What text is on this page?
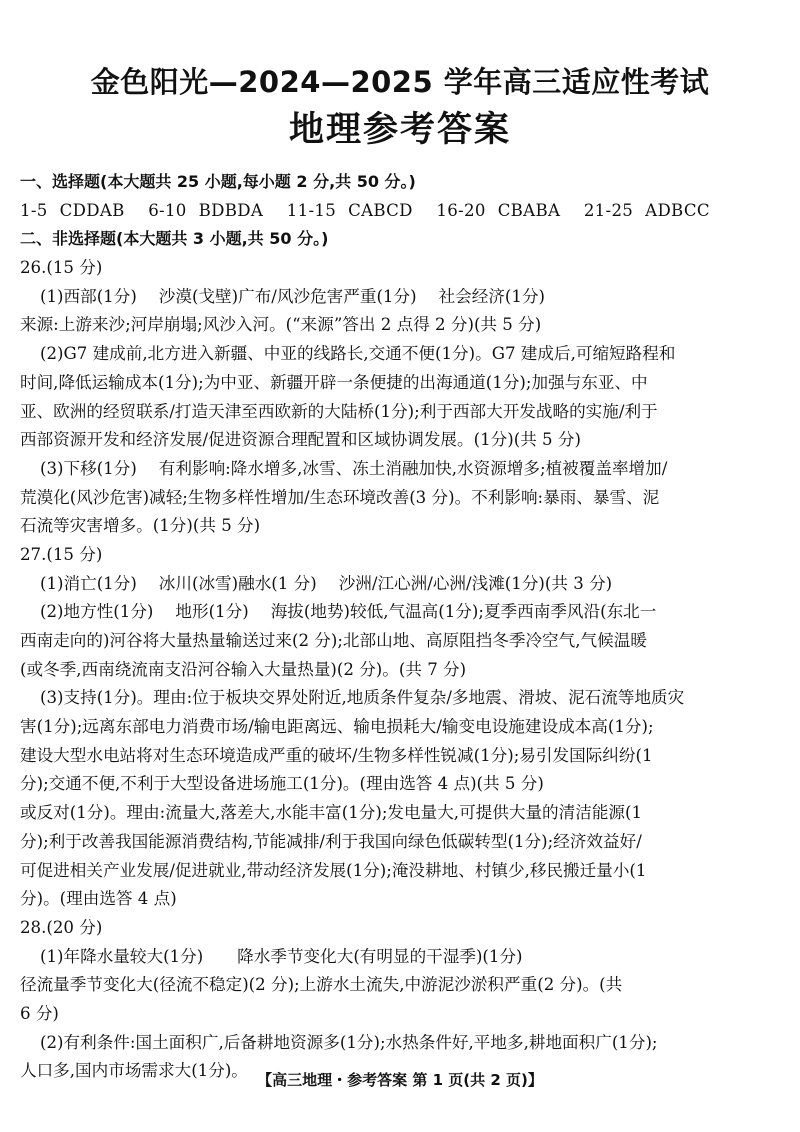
金色阳光—2024—2025 学年高三适应性考试
地理参考答案
一、选择题(本大题共 25 小题,每小题 2 分,共 50 分。)
1-5 CDDAB 6-10 BDBDA 11-15 CABCD 16-20 CBABA 21-25 ADBCC
二、非选择题(本大题共 3 小题,共 50 分。)
26.(15 分)
(1)西部(1分) 沙漠(戈壁)广布/风沙危害严重(1分) 社会经济(1分)
来源:上游来沙;河岸崩塌;风沙入河。(“来源”答出 2 点得 2 分)(共 5 分)
(2)G7 建成前,北方进入新疆、中亚的线路长,交通不便(1分)。G7 建成后,可缩短路程和
时间,降低运输成本(1分);为中亚、新疆开辟一条便捷的出海通道(1分);加强与东亚、中
亚、欧洲的经贸联系/打造天津至西欧新的大陆桥(1分);利于西部大开发战略的实施/利于
西部资源开发和经济发展/促进资源合理配置和区域协调发展。(1分)(共 5 分)
(3)下移(1分) 有利影响:降水增多,冰雪、冻土消融加快,水资源增多;植被覆盖率增加/
荒漠化(风沙危害)减轻;生物多样性增加/生态环境改善(3 分)。不利影响:暴雨、暴雪、泥
石流等灾害增多。(1分)(共 5 分)
27.(15 分)
(1)消亡(1分) 冰川(冰雪)融水(1 分) 沙洲/江心洲/心洲/浅滩(1分)(共 3 分)
(2)地方性(1分) 地形(1分) 海拔(地势)较低,气温高(1分);夏季西南季风沿(东北一
西南走向的)河谷将大量热量输送过来(2 分);北部山地、高原阻挡冬季冷空气,气候温暖
(或冬季,西南绕流南支沿河谷输入大量热量)(2 分)。(共 7 分)
(3)支持(1分)。理由:位于板块交界处附近,地质条件复杂/多地震、滑坡、泥石流等地质灾
害(1分);远离东部电力消费市场/输电距离远、输电损耗大/输变电设施建设成本高(1分);
建设大型水电站将对生态环境造成严重的破坏/生物多样性锐减(1分);易引发国际纠纷(1
分);交通不便,不利于大型设备进场施工(1分)。(理由选答 4 点)(共 5 分)
或反对(1分)。理由:流量大,落差大,水能丰富(1分);发电量大,可提供大量的清洁能源(1
分);利于改善我国能源消费结构,节能减排/利于我国向绿色低碳转型(1分);经济效益好/
可促进相关产业发展/促进就业,带动经济发展(1分);淹没耕地、村镇少,移民搬迁量小(1
分)。(理由选答 4 点)
28.(20 分)
(1)年降水量较大(1分) 降水季节变化大(有明显的干湿季)(1分)
径流量季节变化大(径流不稳定)(2 分);上游水土流失,中游泥沙淤积严重(2 分)。(共
6 分)
(2)有利条件:国土面积广,后备耕地资源多(1分);水热条件好,平地多,耕地面积广(1分);
人口多,国内市场需求大(1分)。 【高三地理・参考答案 第 1 页(共 2 页)】
